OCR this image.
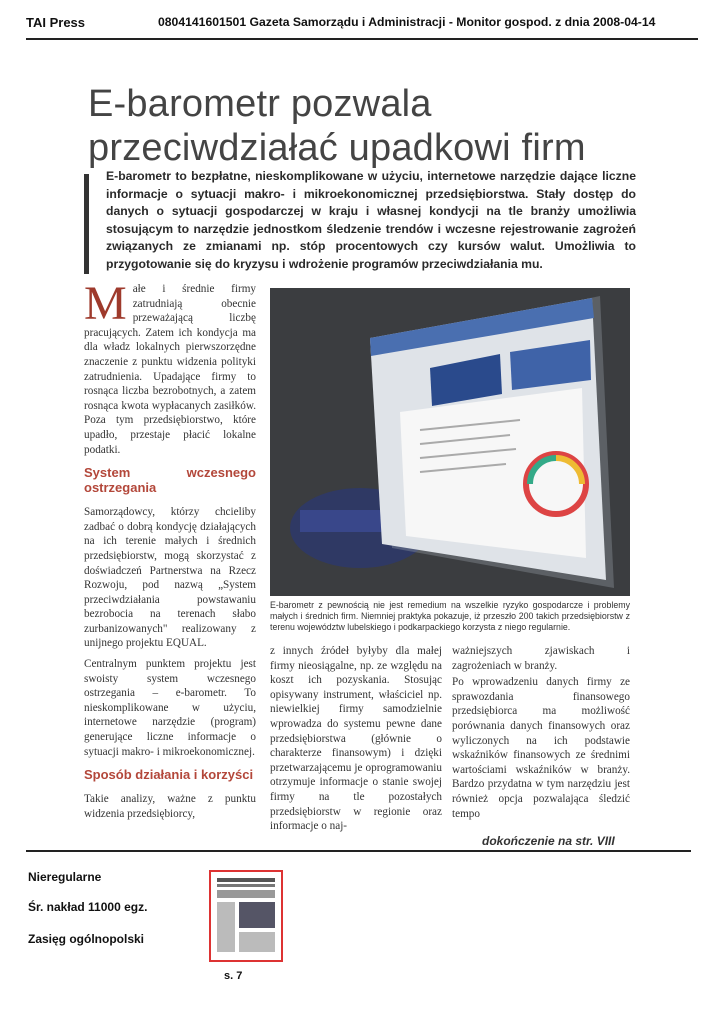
TAI Press	0804141601501 Gazeta Samorządu i Administracji - Monitor gospod. z dnia 2008-04-14
E-barometr pozwala
przeciwdziałać upadkowi firm
E-barometr to bezpłatne, nieskomplikowane w użyciu, internetowe narzędzie dające liczne informacje o sytuacji makro- i mikroekonomicznej przedsiębiorstwa. Stały dostęp do danych o sytuacji gospodarczej w kraju i własnej kondycji na tle branży umożliwia stosującym to narzędzie jednostkom śledzenie trendów i wczesne rejestrowanie zagrożeń związanych ze zmianami np. stóp procentowych czy kursów walut. Umożliwia to przygotowanie się do kryzysu i wdrożenie programów przeciwdziałania mu.

Małe i średnie firmy zatrudniają obecnie przeważającą liczbę pracujących. Zatem ich kondycja ma dla władz lokalnych pierwszorzędne znaczenie z punktu widzenia polityki zatrudnienia. Upadające firmy to rosnąca liczba bezrobotnych, a zatem rosnąca kwota wypłacanych zasiłków. Poza tym przedsiębiorstwo, które upadło, przestaje płacić lokalne podatki.

System wczesnego ostrzegania

Samorządowcy, którzy chcieliby zadbać o dobrą kondycję działających na ich terenie małych i średnich przedsiębiorstw, mogą skorzystać z doświadczeń Partnerstwa na Rzecz Rozwoju, pod nazwą „System przeciwdziałania powstawaniu bezrobocia na terenach słabo zurbanizowanych" realizowany z unijnego projektu EQUAL.

Centralnym punktem projektu jest swoisty system wczesnego ostrzegania – e-barometr. To nieskomplikowane w użyciu, internetowe narzędzie (program) generujące liczne informacje o sytuacji makro- i mikroekonomicznej.

Sposób działania i korzyści

Takie analizy, ważne z punktu widzenia przedsiębiorcy,

E-barometr z pewnością nie jest remedium na wszelkie ryzyko gospodarcze i problemy małych i średnich firm. Niemniej praktyka pokazuje, iż przeszło 200 takich przedsiębiorstw z terenu województw lubelskiego i podkarpackiego korzysta z niego regularnie.

z innych źródeł byłyby dla małej firmy nieosiągalne, np. ze względu na koszt ich pozyskania. Stosując opisywany instrument, właściciel np. niewielkiej firmy samodzielnie wprowadza do systemu pewne dane przedsiębiorstwa (głównie o charakterze finansowym) i dzięki przetwarzającemu je oprogramowaniu otrzymuje informacje o stanie swojej firmy na tle pozostałych przedsiębiorstw w regionie oraz informacje o naj-

ważniejszych zjawiskach i zagrożeniach w branży.

Po wprowadzeniu danych firmy ze sprawozdania finansowego przedsiębiorca ma możliwość porównania danych finansowych oraz wyliczonych na ich podstawie wskaźników finansowych ze średnimi wartościami wskaźników w branży. Bardzo przydatna w tym narzędziu jest również opcja pozwalająca śledzić tempo

dokończenie na str. VIII
Nieregularne
Śr. nakład 11000 egz.
Zasięg ogólnopolski
s. 7
